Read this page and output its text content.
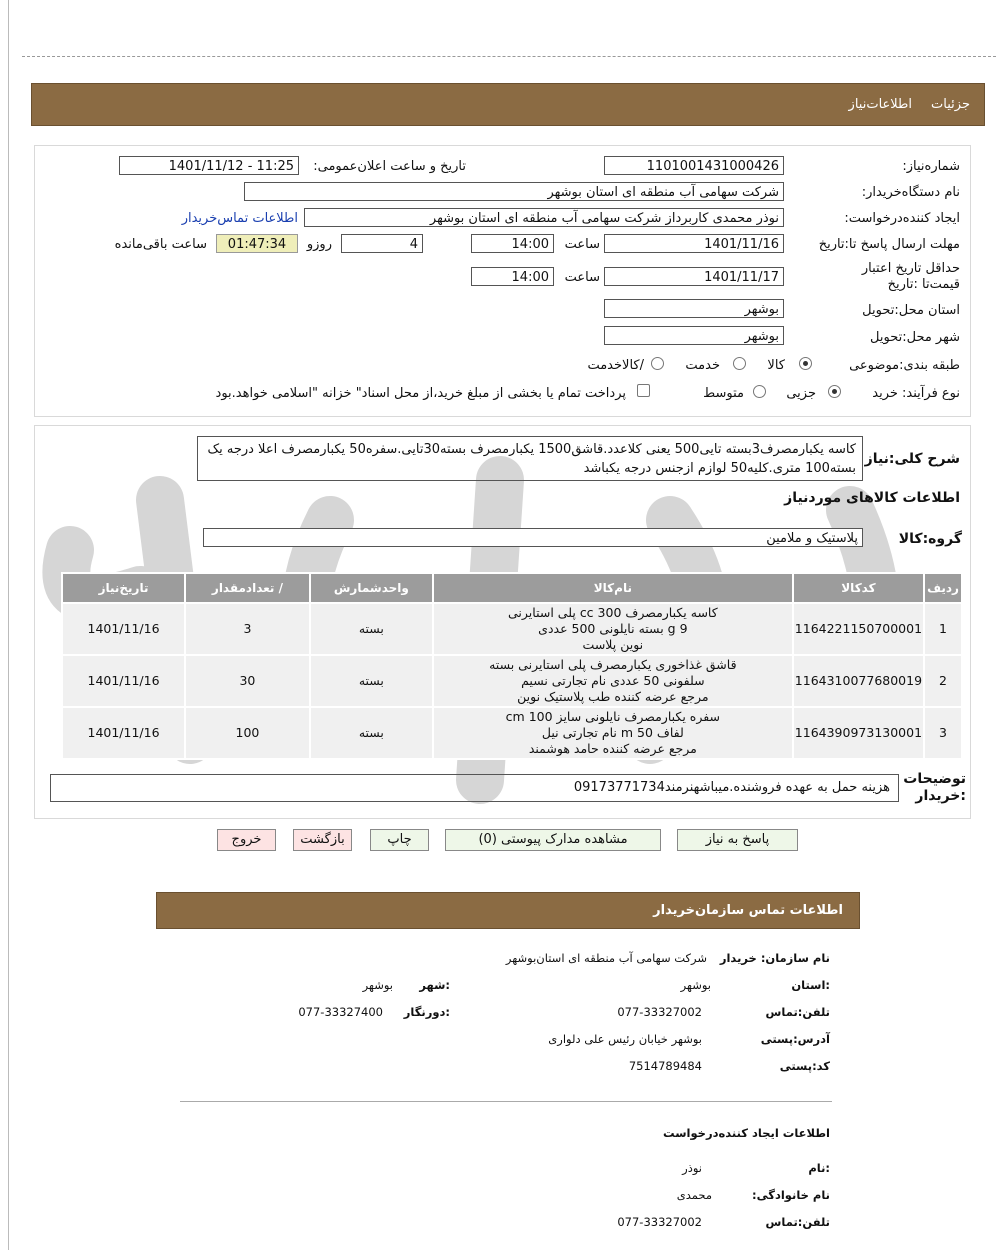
جزئیات
اطلاعات‌نیاز
شماره‌نیاز:
1101001431000426
تاریخ و ساعت اعلان‌عمومی:
1401/11/12 - 11:25
نام دستگاه‌خریدار:
شرکت سهامی آب منطقه ای استان بوشهر
ایجاد کننده‌درخواست:
نوذر محمدی کاربرداز شرکت سهامی آب منطقه ای استان بوشهر
اطلاعات تماس‌خریدار
مهلت ارسال پاسخ تا:تاریخ
1401/11/16
ساعت
14:00
4
روزو
01:47:34
ساعت باقی‌مانده
حداقل تاریخ اعتبار قیمت‌تا :تاریخ
1401/11/17
ساعت
14:00
استان محل:تحویل
بوشهر
شهر محل:تحویل
بوشهر
طبقه بندی:موضوعی
کالا
خدمت
/کالاخدمت
نوع فرآیند: خرید
جزیی
متوسط
پرداخت تمام یا بخشی از مبلغ خرید،از محل اسناد" خزانه "اسلامی خواهد.بود
شرح کلی:نیاز
کاسه یکبارمصرف3بسته تایی500 یعنی کلاعدد.قاشق1500 یکبارمصرف بسته30تایی.سفره50 یکبارمصرف اعلا درجه یک بسته100 متری.کلیه50 لوازم ازجنس درجه یکباشد
اطلاعات کالاهای موردنیاز
گروه:کالا
پلاستیک و ملامین
ردیف	کدکالا	نام‌کالا	واحدشمارش	/ تعدادمقدار	تاریخ‌نیاز
1	1164221150700001	کاسه یکبارمصرف 300 cc پلی استایرنی
9 g بسته نایلونی 500 عددی
نوین پلاست	بسته	3	1401/11/16
2	1164310077680019	قاشق غذاخوری یکبارمصرف پلی استایرنی بسته
سلفونی 50 عددی نام تجارتی نسیم
مرجع عرضه کننده طب پلاستیک نوین	بسته	30	1401/11/16
3	1164390973130001	سفره یکبارمصرف نایلونی سایز 100 cm
لفاف 50 m نام تجارتی نیل
مرجع عرضه کننده حامد هوشمند	بسته	100	1401/11/16
توضیحات
:خریدار
هزینه حمل به عهده فروشنده.میباشهنرمند09173771734
پاسخ به نیاز
مشاهده مدارک پیوستی (0)
چاپ
بازگشت
خروج
اطلاعات تماس سازمان‌خریدار
نام سازمان: خریدار
شرکت سهامی آب منطقه ای استان‌بوشهر
:استان
بوشهر
:شهر
بوشهر
تلفن‌:تماس
077-33327002
:دورنگار
077-33327400
آدرس:پستی
بوشهر خیابان رئیس علی دلواری
کد:پستی
7514789484
اطلاعات ایجاد کننده‌درخواست
:نام
نوذر
نام خانوادگی:
محمدی
تلفن‌:تماس
077-33327002
